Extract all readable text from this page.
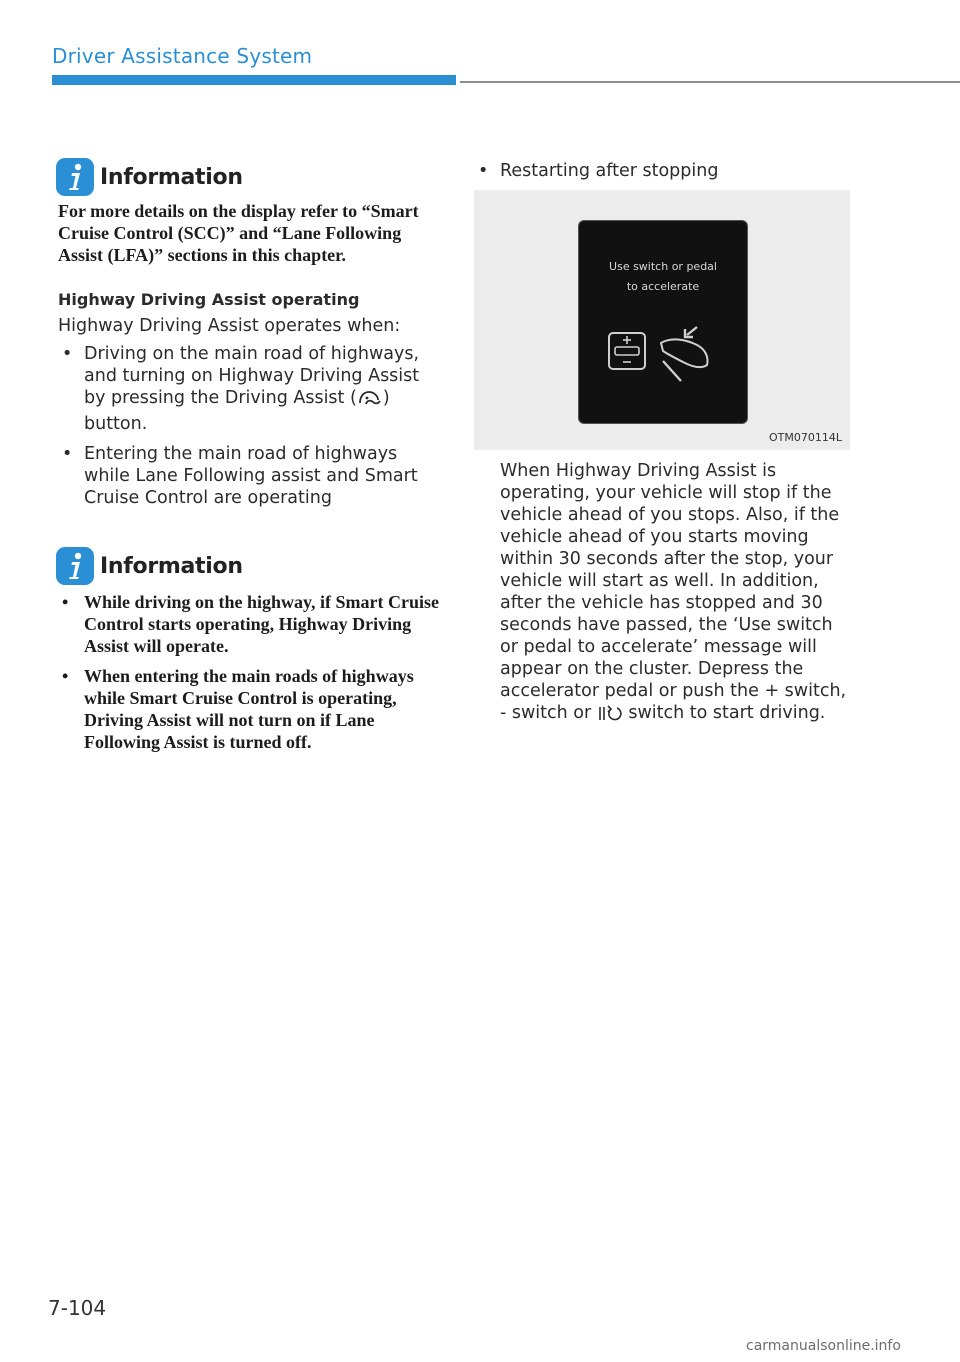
Driver Assistance System
Information

For more details on the display refer to “Smart Cruise Control (SCC)” and “Lane Following Assist (LFA)” sections in this chapter.

Highway Driving Assist operating
Highway Driving Assist operates when:
• Driving on the main road of highways, and turning on Highway Driving Assist by pressing the Driving Assist ( ) button.
• Entering the main road of highways while Lane Following assist and Smart Cruise Control are operating
Information
• While driving on the highway, if Smart Cruise Control starts operating, Highway Driving Assist will operate.
• When entering the main roads of highways while Smart Cruise Control is operating, Driving Assist will not turn on if Lane Following Assist is turned off.
• Restarting after stopping
Use switch or pedal
to accelerate
OTM070114L

When Highway Driving Assist is operating, your vehicle will stop if the vehicle ahead of you stops. Also, if the vehicle ahead of you starts moving within 30 seconds after the stop, your vehicle will start as well. In addition, after the vehicle has stopped and 30 seconds have passed, the ‘Use switch or pedal to accelerate’ message will appear on the cluster. Depress the accelerator pedal or push the + switch, - switch or  switch to start driving.

7-104
carmanualsonline.info
